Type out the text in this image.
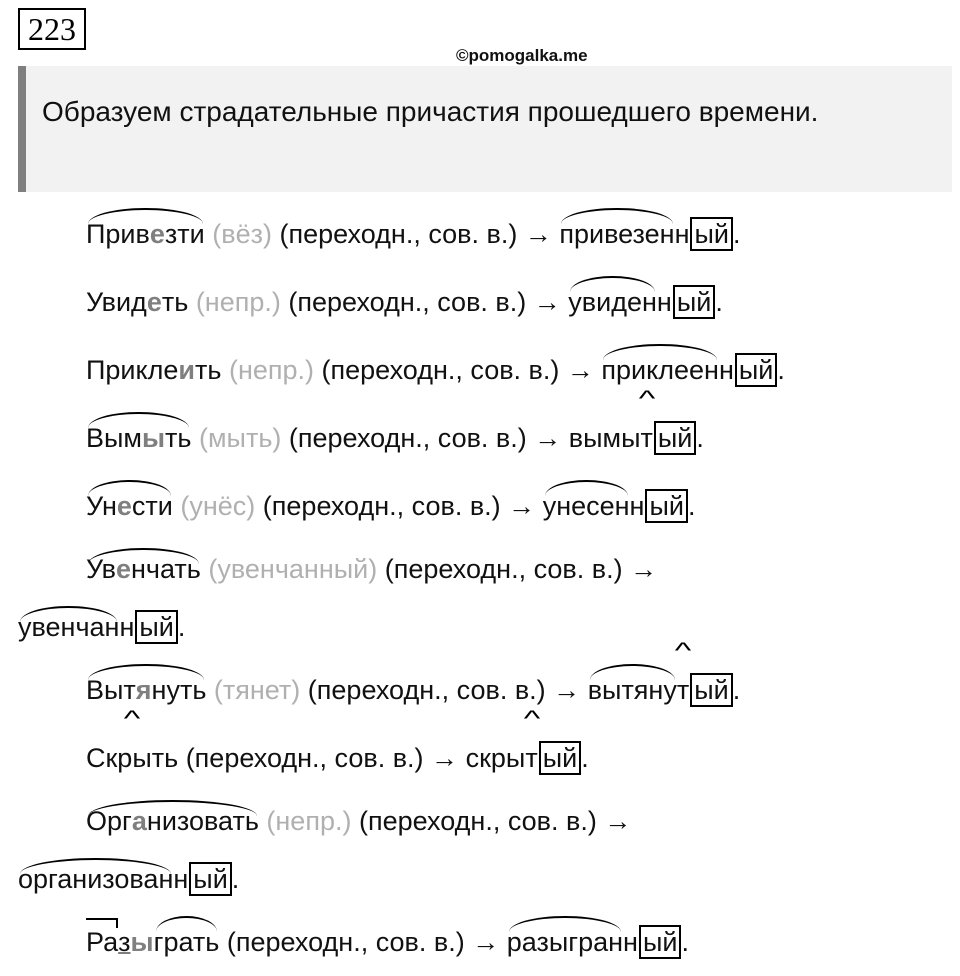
223
©pomogalka.me
Образуем страдательные причастия прошедшего времени.
Привезти (вёз) (переходн., сов. в.) → привезенн ый .
Увидеть (непр.) (переходн., сов. в.) → увиденн ый .
Приклеить (непр.) (переходн., сов. в.) → приклеенн ый .
Вымыть (мыть) (переходн., сов. в.) → вымы^ т ый .
Унести (унёс) (переходн., сов. в.) → унесенн ый .
Увенчать (увенчанный) (переходн., сов. в.) →
увенчанн ый .
Вытянуть (тянет) (переходн., сов. в.) → вытяну^ т ый .
^ Скрыть (переходн., сов. в.) → скры^ т ый .
Организовать (непр.) (переходн., сов. в.) →
организованн ый .
Разыграть (переходн., сов. в.) → разыгранн ый .
